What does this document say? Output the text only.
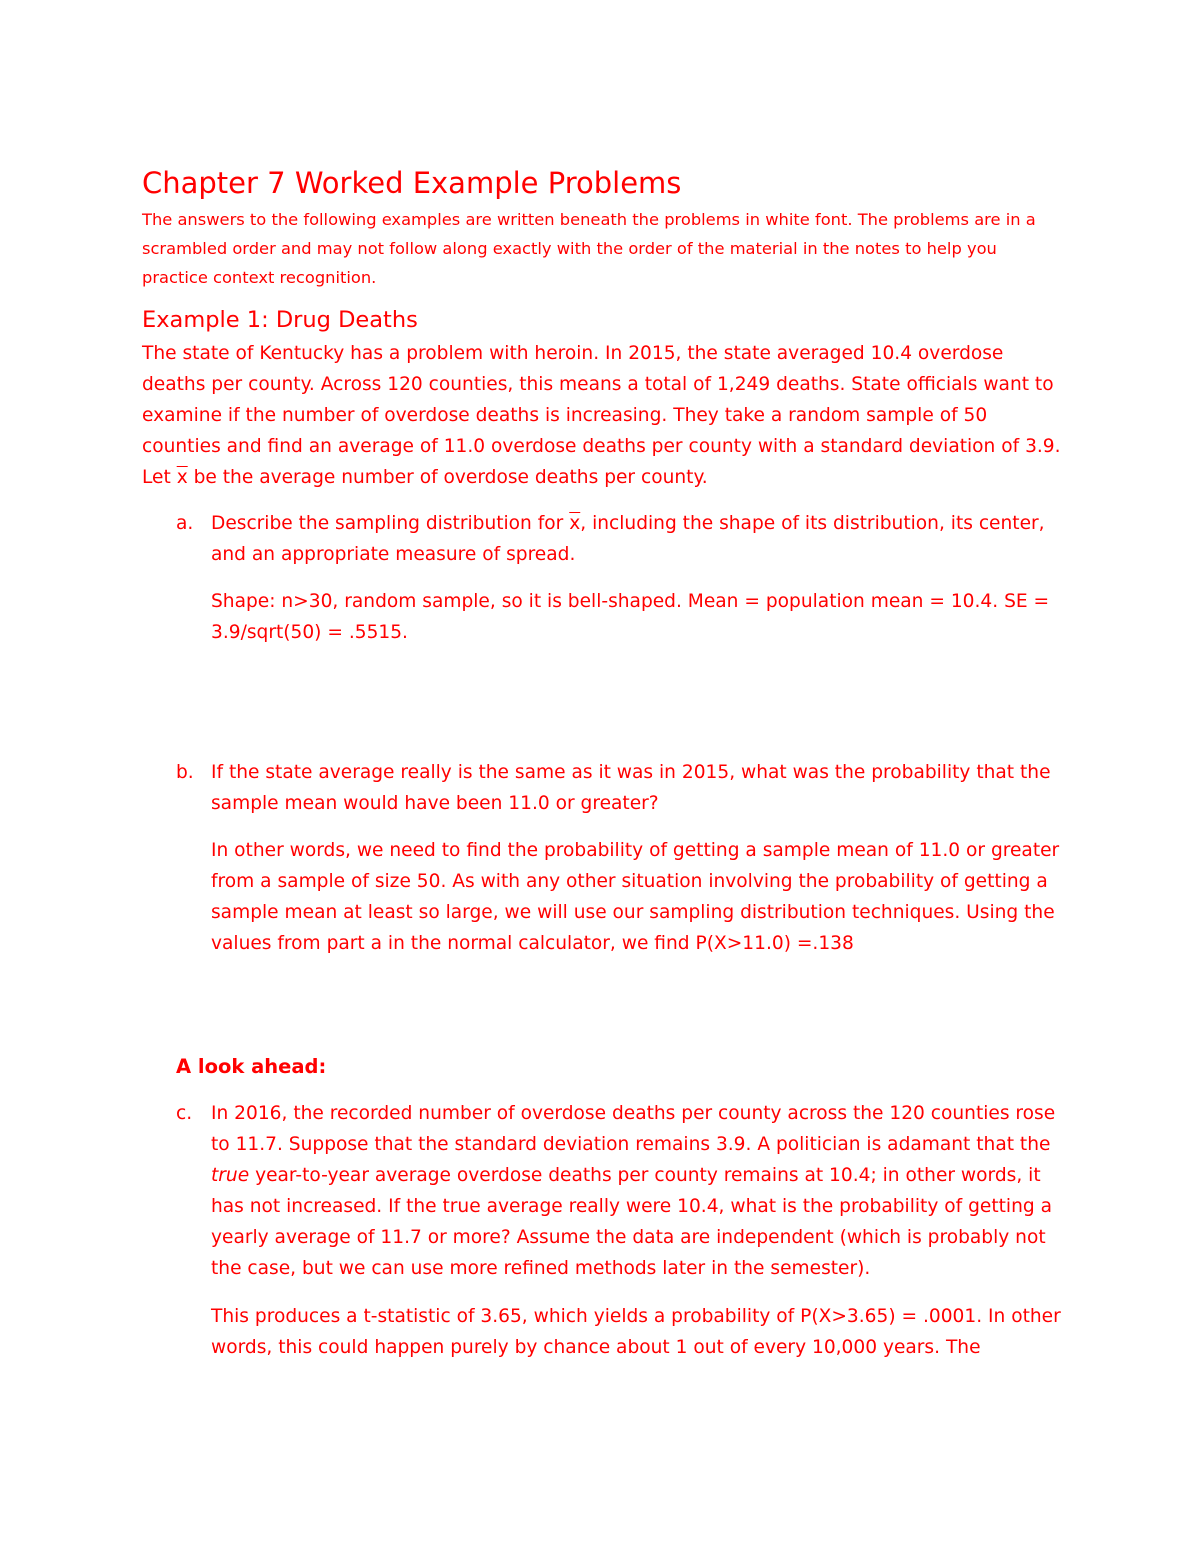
Chapter 7 Worked Example Problems
The answers to the following examples are written beneath the problems in white font. The problems are in a scrambled order and may not follow along exactly with the order of the material in the notes to help you practice context recognition.
Example 1: Drug Deaths
The state of Kentucky has a problem with heroin. In 2015, the state averaged 10.4 overdose deaths per county. Across 120 counties, this means a total of 1,249 deaths. State officials want to examine if the number of overdose deaths is increasing. They take a random sample of 50 counties and find an average of 11.0 overdose deaths per county with a standard deviation of 3.9. Let $\overline{x}$ be the average number of overdose deaths per county.
a. Describe the sampling distribution for $\overline{x}$, including the shape of its distribution, its center, and an appropriate measure of spread.
Shape: n>30, random sample, so it is bell-shaped. Mean = population mean = 10.4. SE = 3.9/sqrt(50) = .5515.
b. If the state average really is the same as it was in 2015, what was the probability that the sample mean would have been 11.0 or greater?
In other words, we need to find the probability of getting a sample mean of 11.0 or greater from a sample of size 50. As with any other situation involving the probability of getting a sample mean at least so large, we will use our sampling distribution techniques. Using the values from part a in the normal calculator, we find P(X>11.0) =.138
A look ahead:
c. In 2016, the recorded number of overdose deaths per county across the 120 counties rose to 11.7. Suppose that the standard deviation remains 3.9. A politician is adamant that the true year-to-year average overdose deaths per county remains at 10.4; in other words, it has not increased. If the true average really were 10.4, what is the probability of getting a yearly average of 11.7 or more? Assume the data are independent (which is probably not the case, but we can use more refined methods later in the semester).
This produces a t-statistic of 3.65, which yields a probability of P(X>3.65) = .0001. In other words, this could happen purely by chance about 1 out of every 10,000 years. The
